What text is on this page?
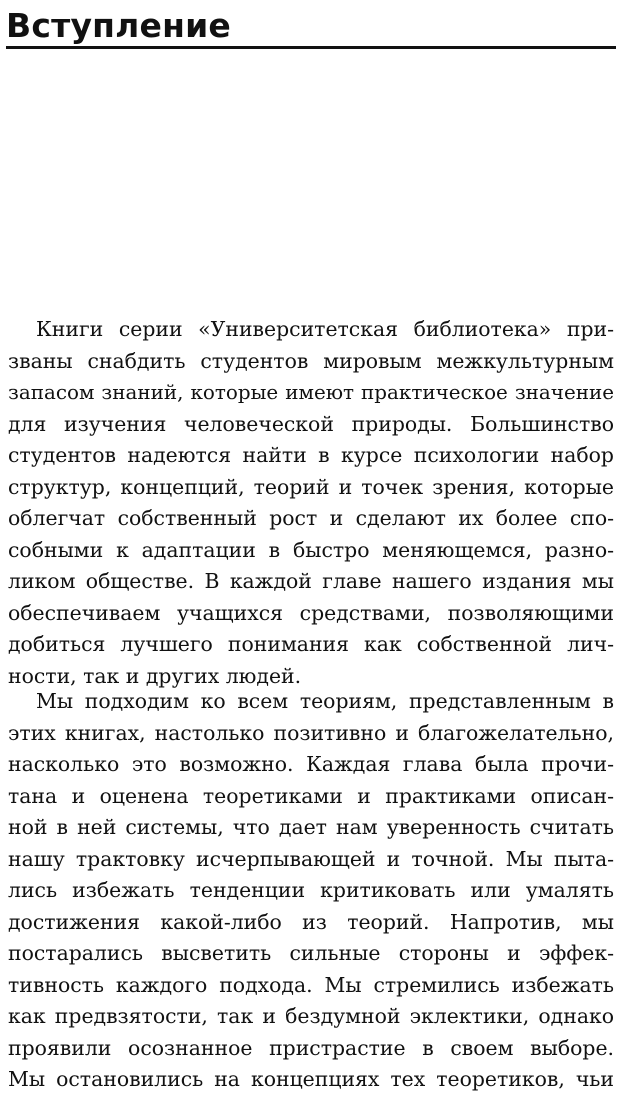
Вступление
Книги серии «Университетская библиотека» при-
званы снабдить студентов мировым межкультурным
запасом знаний, которые имеют практическое значение
для изучения человеческой природы. Большинство
студентов надеются найти в курсе психологии набор
структур, концепций, теорий и точек зрения, которые
облегчат собственный рост и сделают их более спо-
собными к адаптации в быстро меняющемся, разно-
ликом обществе. В каждой главе нашего издания мы
обеспечиваем учащихся средствами, позволяющими
добиться лучшего понимания как собственной лич-
ности, так и других людей.
Мы подходим ко всем теориям, представленным в
этих книгах, настолько позитивно и благожелательно,
насколько это возможно. Каждая глава была прочи-
тана и оценена теоретиками и практиками описан-
ной в ней системы, что дает нам уверенность считать
нашу трактовку исчерпывающей и точной. Мы пыта-
лись избежать тенденции критиковать или умалять
достижения какой-либо из теорий. Напротив, мы
постарались высветить сильные стороны и эффек-
тивность каждого подхода. Мы стремились избежать
как предвзятости, так и бездумной эклектики, однако
проявили осознанное пристрастие в своем выборе.
Мы остановились на концепциях тех теоретиков, чьи
